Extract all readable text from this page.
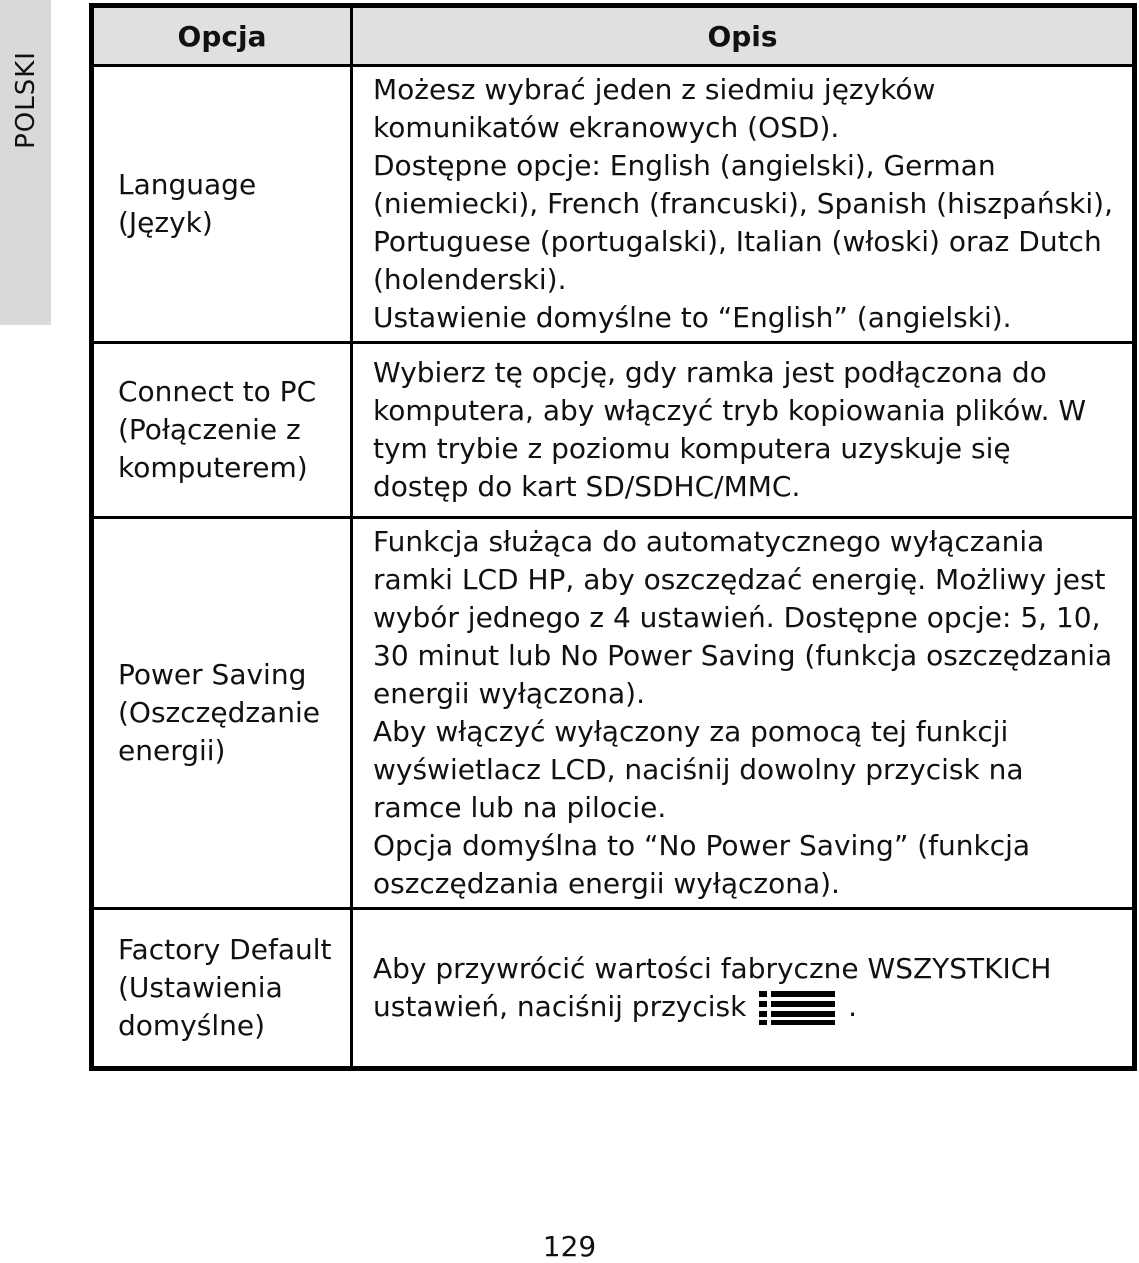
POLSKI
Opcja	Opis

Language
(Język)	Możesz wybrać jeden z siedmiu języków komunikatów ekranowych (OSD).
Dostępne opcje: English (angielski), German (niemiecki), French (francuski), Spanish (hiszpański), Portuguese (portugalski), Italian (włoski) oraz Dutch (holenderski).
Ustawienie domyślne to “English” (angielski).

Connect to PC
(Połączenie z komputerem)	Wybierz tę opcję, gdy ramka jest podłączona do komputera, aby włączyć tryb kopiowania plików. W tym trybie z poziomu komputera uzyskuje się dostęp do kart SD/SDHC/MMC.

Power Saving
(Oszczędzanie energii)	Funkcja służąca do automatycznego wyłączania ramki LCD HP, aby oszczędzać energię. Możliwy jest wybór jednego z 4 ustawień. Dostępne opcje: 5, 10, 30 minut lub No Power Saving (funkcja oszczędzania energii wyłączona).
Aby włączyć wyłączony za pomocą tej funkcji wyświetlacz LCD, naciśnij dowolny przycisk na ramce lub na pilocie.
Opcja domyślna to “No Power Saving” (funkcja oszczędzania energii wyłączona).

Factory Default
(Ustawienia domyślne)	Aby przywrócić wartości fabryczne WSZYSTKICH ustawień, naciśnij przycisk .
129
